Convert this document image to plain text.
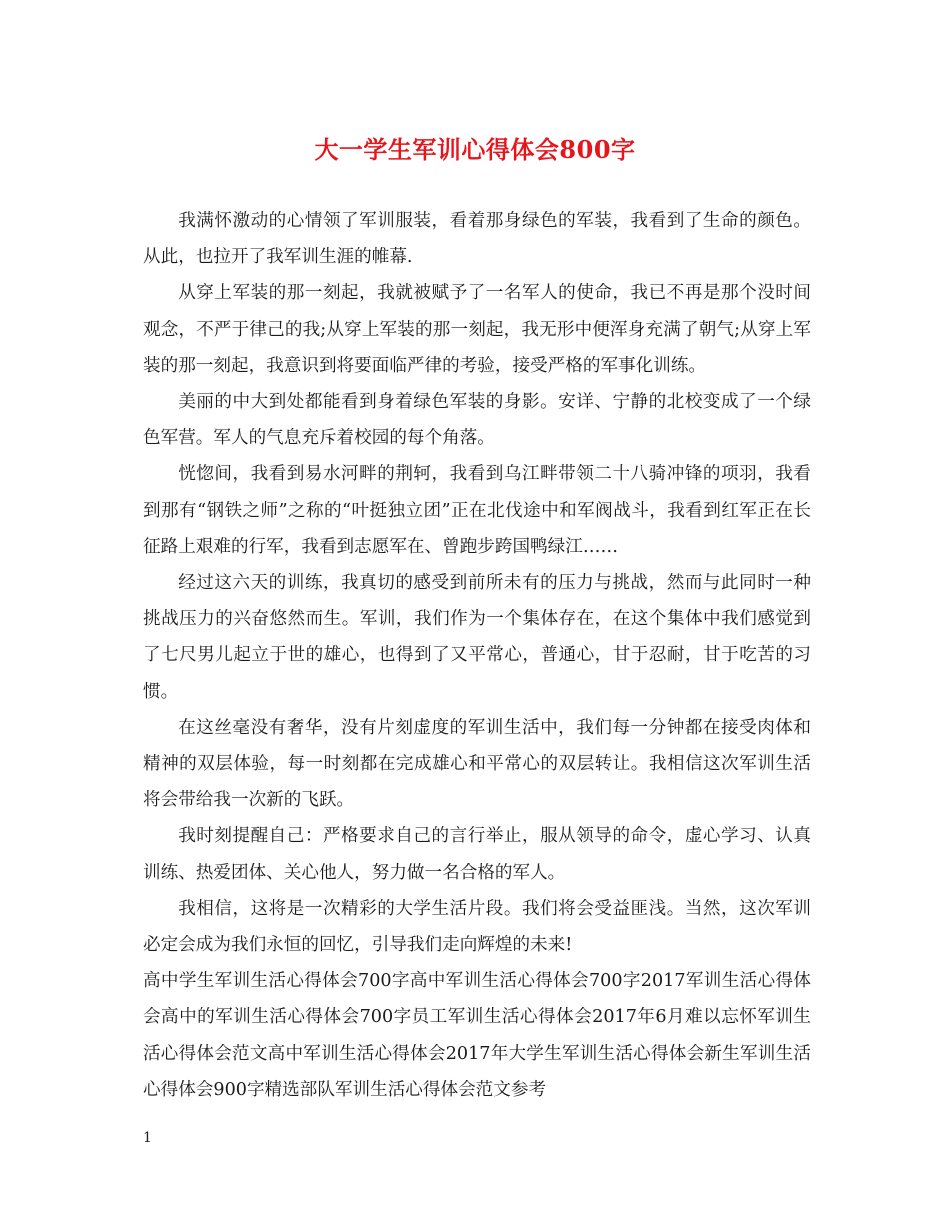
大一学生军训心得体会800字

我满怀激动的心情领了军训服装，看着那身绿色的军装，我看到了生命的颜色。从此，也拉开了我军训生涯的帷幕.

从穿上军装的那一刻起，我就被赋予了一名军人的使命，我已不再是那个没时间观念，不严于律己的我;从穿上军装的那一刻起，我无形中便浑身充满了朝气;从穿上军装的那一刻起，我意识到将要面临严律的考验，接受严格的军事化训练。

美丽的中大到处都能看到身着绿色军装的身影。安详、宁静的北校变成了一个绿色军营。军人的气息充斥着校园的每个角落。

恍惚间，我看到易水河畔的荆轲，我看到乌江畔带领二十八骑冲锋的项羽，我看到那有“钢铁之师”之称的“叶挺独立团”正在北伐途中和军阀战斗，我看到红军正在长征路上艰难的行军，我看到志愿军在、曾跑步跨国鸭绿江……

经过这六天的训练，我真切的感受到前所未有的压力与挑战，然而与此同时一种挑战压力的兴奋悠然而生。军训，我们作为一个集体存在，在这个集体中我们感觉到了七尺男儿起立于世的雄心，也得到了又平常心，普通心，甘于忍耐，甘于吃苦的习惯。

在这丝毫没有奢华，没有片刻虚度的军训生活中，我们每一分钟都在接受肉体和精神的双层体验，每一时刻都在完成雄心和平常心的双层转让。我相信这次军训生活将会带给我一次新的飞跃。

我时刻提醒自己：严格要求自己的言行举止，服从领导的命令，虚心学习、认真训练、热爱团体、关心他人，努力做一名合格的军人。

我相信，这将是一次精彩的大学生活片段。我们将会受益匪浅。当然，这次军训必定会成为我们永恒的回忆，引导我们走向辉煌的未来!

高中学生军训生活心得体会700字高中军训生活心得体会700字2017军训生活心得体会高中的军训生活心得体会700字员工军训生活心得体会2017年6月难以忘怀军训生活心得体会范文高中军训生活心得体会2017年大学生军训生活心得体会新生军训生活心得体会900字精选部队军训生活心得体会范文参考

1
